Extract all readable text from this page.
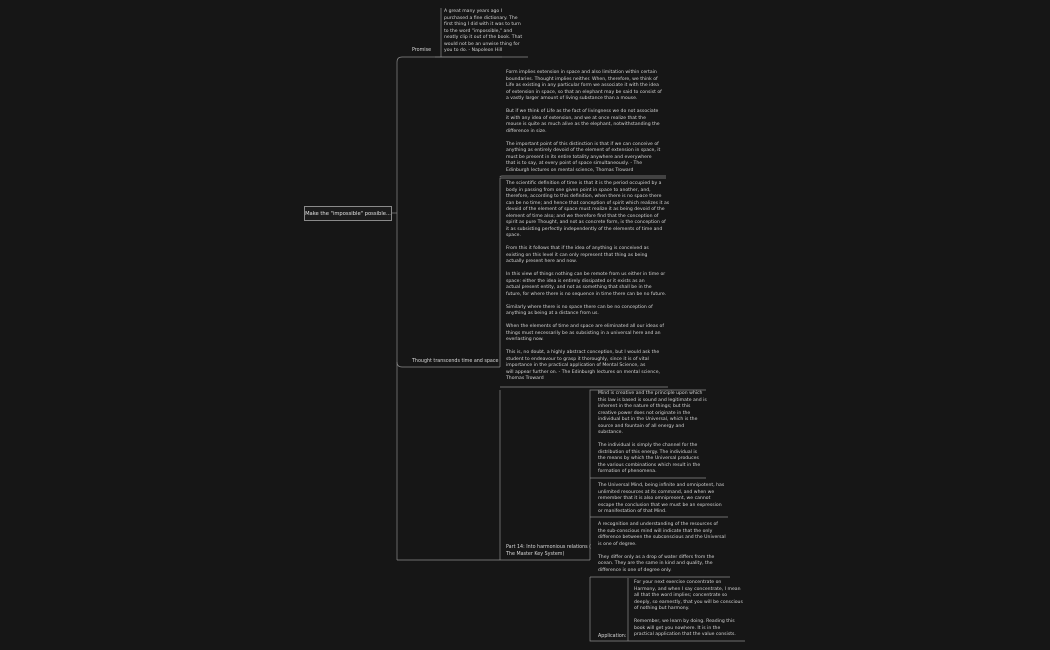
Make the "impossible" possible...
Promise
A great many years ago I
purchased a fine dictionary. The
first thing I did with it was to turn
to the word "impossible," and
neatly clip it out of the book. That
would not be an unwise thing for
you to do. - Napoleon Hill
Thought transcends time and space
Form implies extension in space and also limitation within certain
boundaries. Thought implies neither. When, therefore, we think of
Life as existing in any particular form we associate it with the idea
of extension in space, so that an elephant may be said to consist of
a vastly larger amount of living substance than a mouse.

But if we think of Life as the fact of livingness we do not associate
it with any idea of extension, and we at once realize that the
mouse is quite as much alive as the elephant, notwithstanding the
difference in size.

The important point of this distinction is that if we can conceive of
anything as entirely devoid of the element of extension in space, it
must be present in its entire totality anywhere and everywhere
that is to say, at every point of space simultaneously. - The
Edinburgh lectures on mental science, Thomas Troward
The scientific definition of time is that it is the period occupied by a
body in passing from one given point in space to another, and,
therefore, according to this definition, when there is no space there
can be no time; and hence that conception of spirit which realizes it as
devoid of the element of space must realize it as being devoid of the
element of time also; and we therefore find that the conception of
spirit as pure Thought, and not as concrete form, is the conception of
it as subsisting perfectly independently of the elements of time and
space.

From this it follows that if the idea of anything is conceived as
existing on this level it can only represent that thing as being
actually present here and now.

In this view of things nothing can be remote from us either in time or
space: either the idea is entirely dissipated or it exists as an
actual present entity, and not as something that shall be in the
future, for where there is no sequence in time there can be no future.

Similarly where there is no space there can be no conception of
anything as being at a distance from us.

When the elements of time and space are eliminated all our ideas of
things must necessarily be as subsisting in a universal here and an
everlasting now.

This is, no doubt, a highly abstract conception, but I would ask the
student to endeavour to grasp it thoroughly, since it is of vital
importance in the practical application of Mental Science, as
will appear further on. - The Edinburgh lectures on mental science,
Thomas Troward
Part 14: Into harmonious relations (
The Master Key System)
Mind is creative and the principle upon which
this law is based is sound and legitimate and is
inherent in the nature of things; but this
creative power does not originate in the
individual but in the Universal, which is the
source and fountain of all energy and
substance.

The individual is simply the channel for the
distribution of this energy. The individual is
the means by which the Universal produces
the various combinations which result in the
formation of phenomena.
The Universal Mind, being infinite and omnipotent, has
unlimited resources at its command, and when we
remember that it is also omnipresent, we cannot
escape the conclusion that we must be an expression
or manifestation of that Mind.
A recognition and understanding of the resources of
the sub-conscious mind will indicate that the only
difference between the subconscious and the Universal
is one of degree.

They differ only as a drop of water differs from the
ocean. They are the same in kind and quality, the
difference is one of degree only.
Application:
For your next exercise concentrate on
Harmony, and when I say concentrate, I mean
all that the word implies; concentrate so
deeply, so earnestly, that you will be conscious
of nothing but harmony.

Remember, we learn by doing. Reading this
book will get you nowhere. It is in the
practical application that the value consists.
